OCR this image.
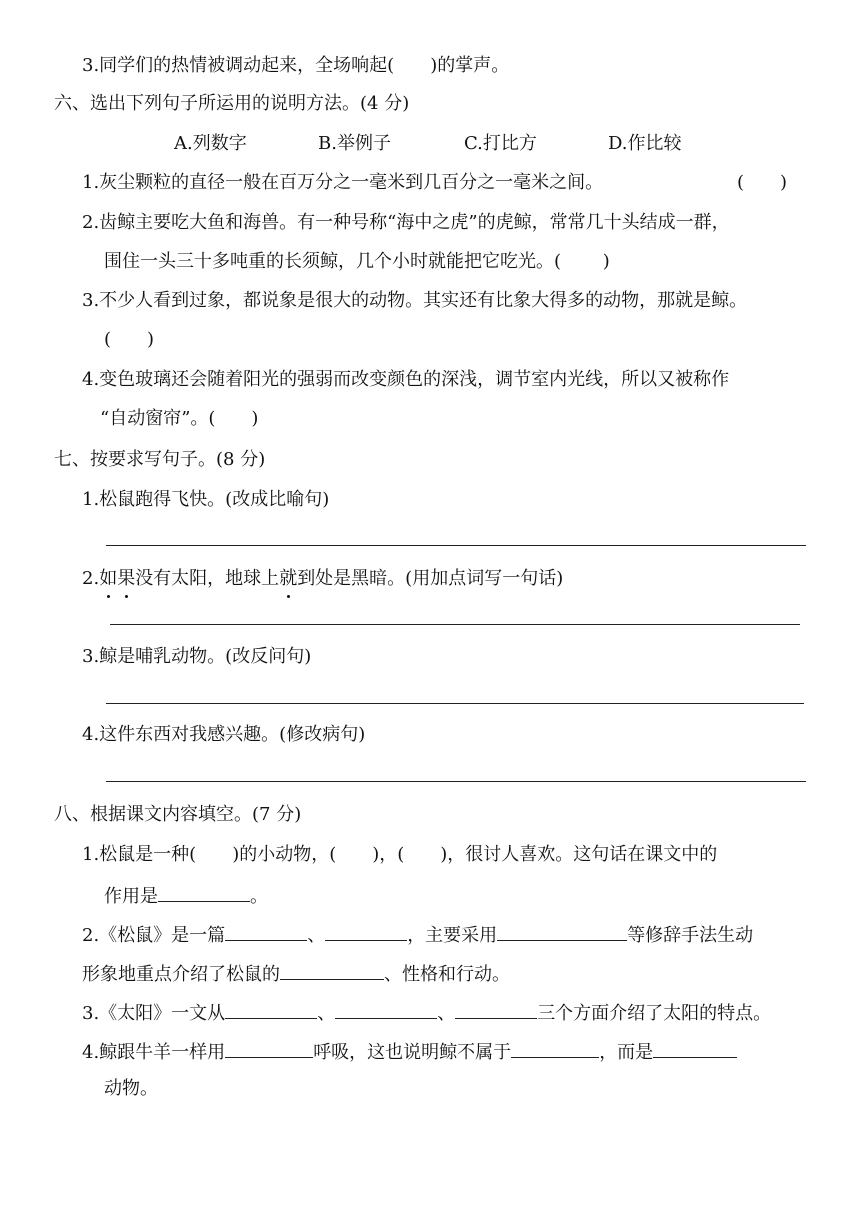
3.同学们的热情被调动起来，全场响起(　　)的掌声。
六、选出下列句子所运用的说明方法。(4 分)
A.列数字	B.举例子	C.打比方	D.作比较
1.灰尘颗粒的直径一般在百万分之一毫米到几百分之一毫米之间。	(　　)
2.齿鲸主要吃大鱼和海兽。有一种号称“海中之虎”的虎鲸，常常几十头结成一群，
围住一头三十多吨重的长须鲸，几个小时就能把它吃光。(　　 )
3.不少人看到过象，都说象是很大的动物。其实还有比象大得多的动物，那就是鲸。
(　　)
4.变色玻璃还会随着阳光的强弱而改变颜色的深浅，调节室内光线，所以又被称作
“自动窗帘”。(　　)
七、按要求写句子。(8 分)
1.松鼠跑得飞快。(改成比喻句)
2.如果没有太阳，地球上就到处是黑暗。(用加点词写一句话)
3.鲸是哺乳动物。(改反问句)
4.这件东西对我感兴趣。(修改病句)
八、根据课文内容填空。(7 分)
1.松鼠是一种(　　)的小动物，(　　)，(　　)，很讨人喜欢。这句话在课文中的
作用是	。
2.《松鼠》是一篇	、	，主要采用	等修辞手法生动
形象地重点介绍了松鼠的	、性格和行动。
3.《太阳》一文从	、	、	三个方面介绍了太阳的特点。
4.鲸跟牛羊一样用	呼吸，这也说明鲸不属于	，而是
动物。
